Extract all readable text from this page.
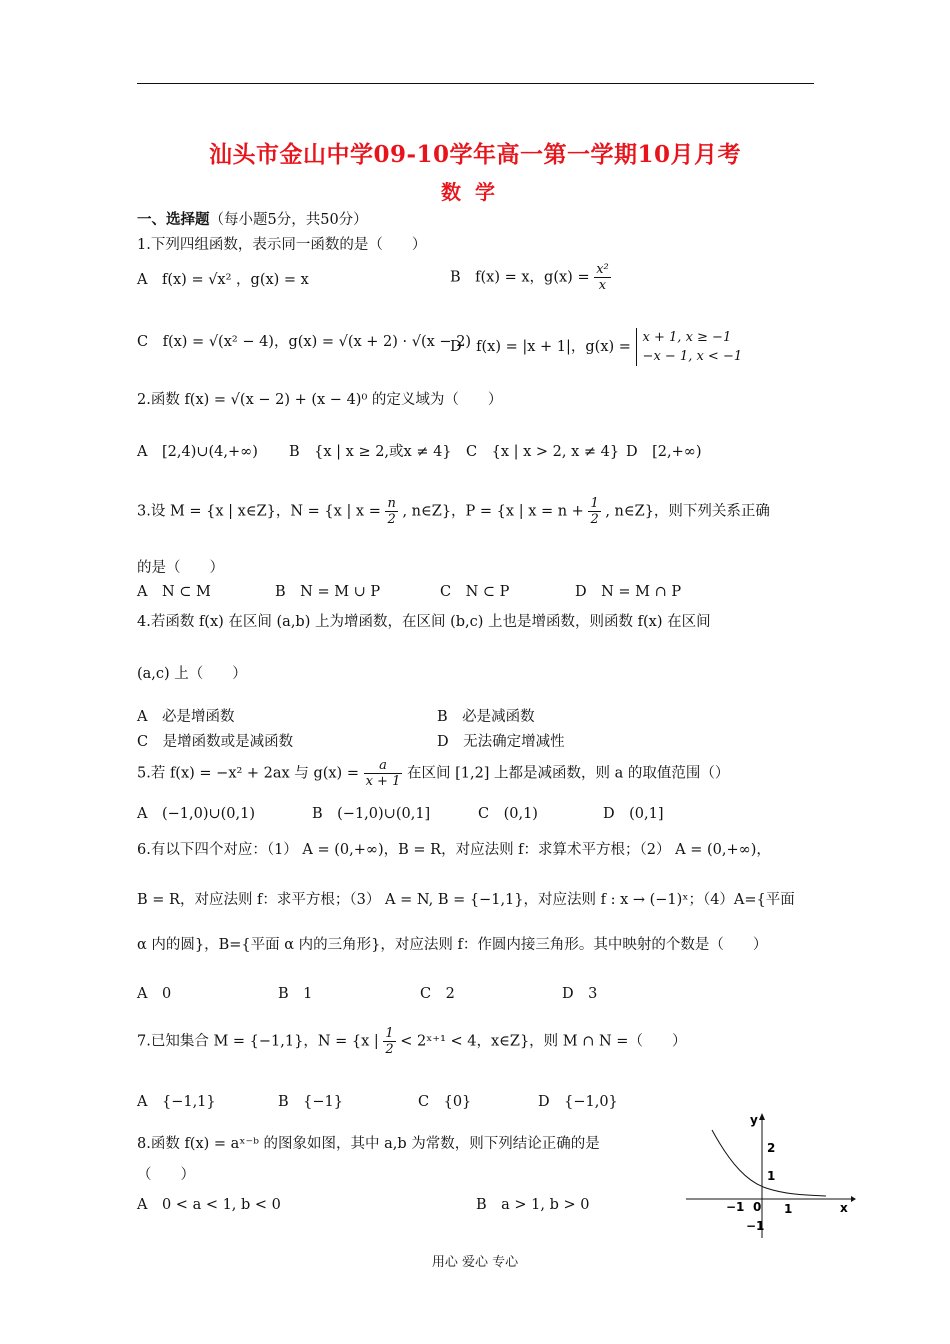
汕头市金山中学09-10学年高一第一学期10月月考
数学
一、选择题（每小题5分，共50分）
1.下列四组函数，表示同一函数的是（　　）
A　f(x) = √x² ，g(x) = x	B　f(x) = x，$g(x) = \frac{\text{x²}}{x}$
C　f(x) = √(x² − 4)，g(x) = √(x + 2) · √(x − 2)
D　f(x) = |x + 1|，g(x) =
x + 1, x ≥ −1
−x − 1, x < −1
2.函数 f(x) = √(x − 2) + (x − 4)⁰ 的定义域为（　　）
A　[2,4)∪(4,+∞) B　{x | x ≥ 2,或x ≠ 4} C　{x | x > 2, x ≠ 4} D　[2,+∞)
3.设 M = {x | x∈Z}，N = {x | $x = \frac{n}{2}$ , n∈Z}，P = {x | $x = n + \frac{1}{2}$ , n∈Z}，则下列关系正确
的是（　　）
A　N ⊂ M	B　N = M ∪ P	C　N ⊂ P	D　N = M ∩ P
4.若函数 f(x) 在区间 (a,b) 上为增函数，在区间 (b,c) 上也是增函数，则函数 f(x) 在区间
(a,c) 上（　　）
A　必是增函数	B　必是减函数
C　是增函数或是减函数	D　无法确定增减性
5.若 f(x) = −x² + 2ax 与 $g(x) = \frac{a}{x + 1}$ 在区间 [1,2] 上都是减函数，则 a 的取值范围（）
A　(−1,0)∪(0,1)	B　(−1,0)∪(0,1]	C　(0,1)	D　(0,1]
6.有以下四个对应：（1） A = (0,+∞)，B = R，对应法则 f：求算术平方根；（2） A = (0,+∞)，
B = R，对应法则 f：求平方根；（3） A = N, B = {−1,1}，对应法则 f : x → (−1)ˣ；（4）A={平面
α 内的圆}，B={平面 α 内的三角形}，对应法则 f：作圆内接三角形。其中映射的个数是（　　）
A　0	B　1	C　2	D　3
7.已知集合 M = {−1,1}，N = {x | $\frac{1}{2}$ < 2ˣ⁺¹ < 4，x∈Z}，则 M ∩ N =（　　）
A　{−1,1}	B　{−1}	C　{0}	D　{−1,0}
8.函数 f(x) = aˣ⁻ᵇ 的图象如图，其中 a,b 为常数，则下列结论正确的是
（　　）
A　0 < a < 1, b < 0	B　a > 1, b > 0
y
x
2
1
−1
−1 0 1
用心 爱心 专心
